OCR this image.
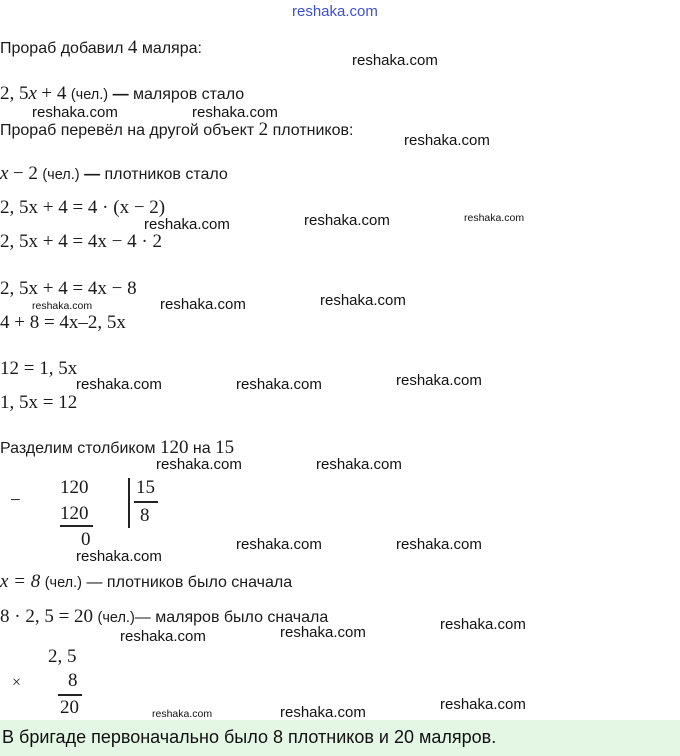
reshaka.com
Прораб добавил 4 маляра:
2, 5x + 4 (чел.) — маляров стало
Прораб перевёл на другой объект 2 плотников:
x − 2 (чел.) — плотников стало
2, 5x + 4 = 4 · (x − 2)
2, 5x + 4 = 4x − 4 · 2
2, 5x + 4 = 4x − 8
4 + 8 = 4x–2, 5x
12 = 1, 5x
1, 5x = 12
Разделим столбиком 120 на 15
−
120
120
0
15
8
x = 8 (чел.) — плотников было сначала
8 · 2, 5 = 20 (чел.)— маляров было сначала
2, 5
× 8
20
В бригаде первоначально было 8 плотников и 20 маляров.
reshaka.com
reshaka.com	reshaka.com
reshaka.com
reshaka.com	reshaka.com	reshaka.com
reshaka.com	reshaka.com	reshaka.com
reshaka.com	reshaka.com	reshaka.com
reshaka.com	reshaka.com
reshaka.com
reshaka.com	reshaka.com
reshaka.com	reshaka.com	reshaka.com
reshaka.com	reshaka.com	reshaka.com
